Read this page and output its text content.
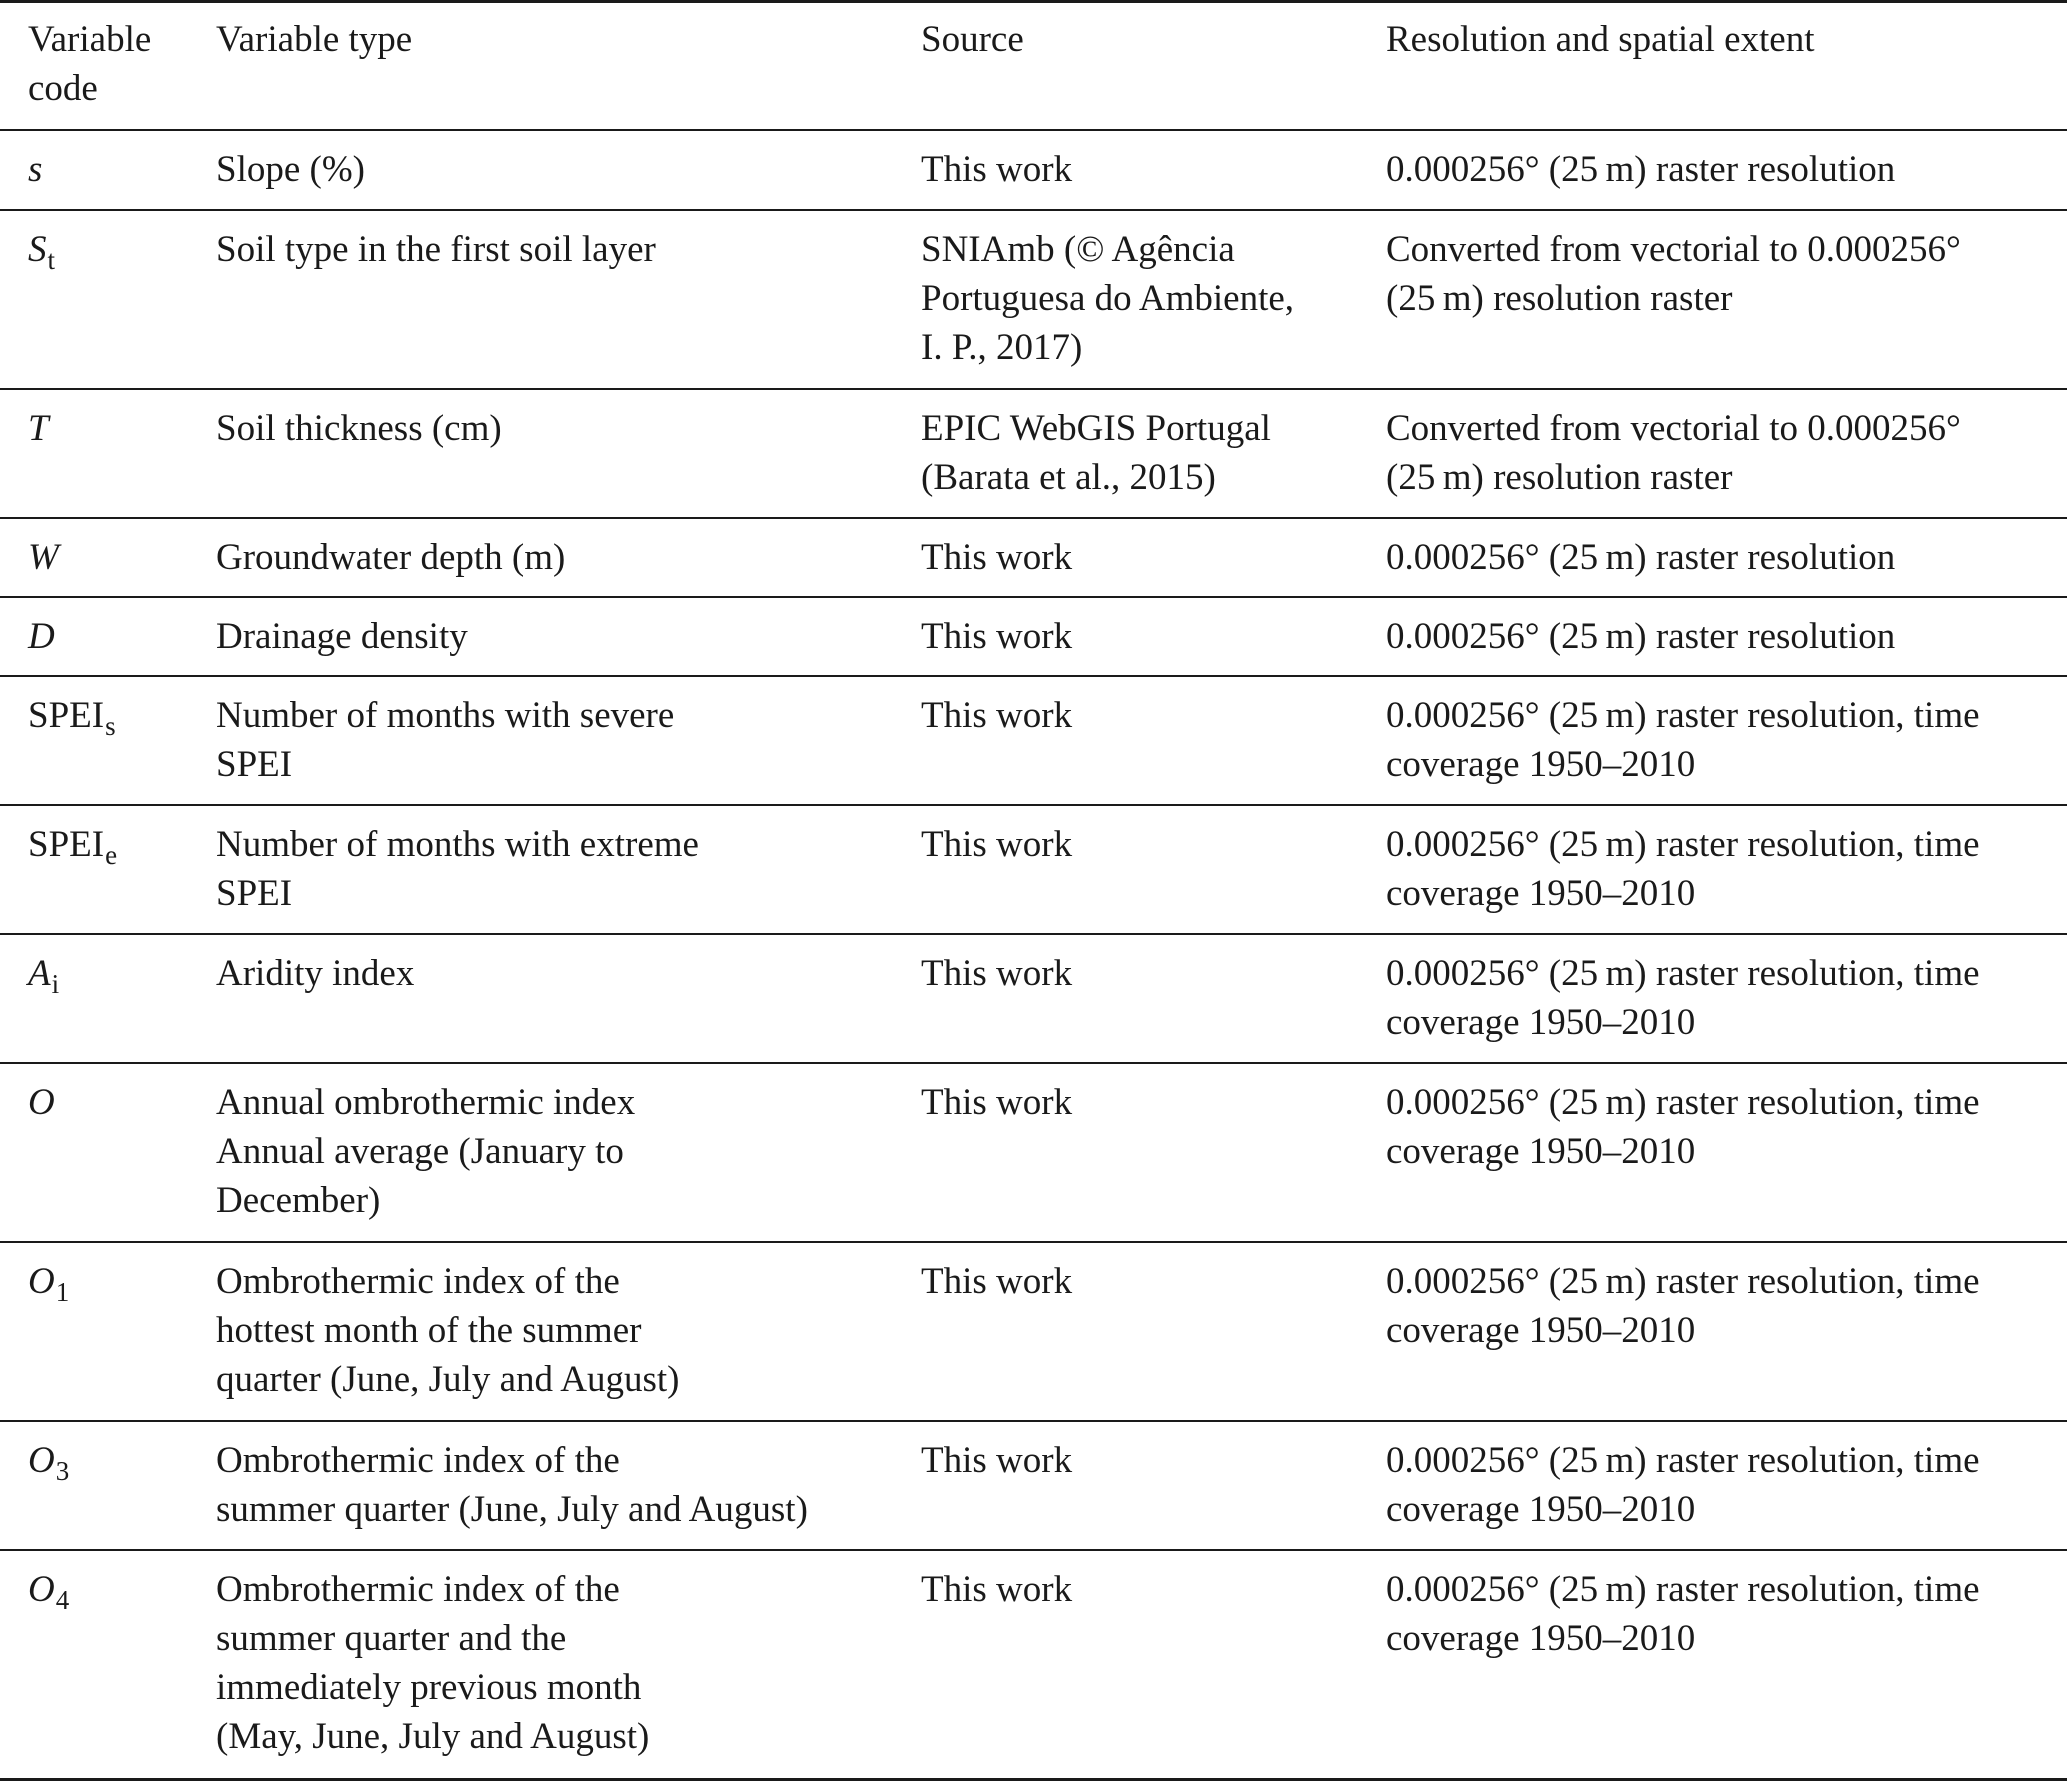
Variable
code	Variable type	Source	Resolution and spatial extent

s	Slope (%)	This work	0.000256° (25 m) raster resolution

$S_t$	Soil type in the first soil layer	SNIAmb (© Agência
Portuguesa do Ambiente,
I. P., 2017)	Converted from vectorial to 0.000256°
(25 m) resolution raster

T	Soil thickness (cm)	EPIC WebGIS Portugal
(Barata et al., 2015)	Converted from vectorial to 0.000256°
(25 m) resolution raster

W	Groundwater depth (m)	This work	0.000256° (25 m) raster resolution

D	Drainage density	This work	0.000256° (25 m) raster resolution

$SPEI_s$	Number of months with severe
SPEI	This work	0.000256° (25 m) raster resolution, time
coverage 1950–2010

$SPEI_e$	Number of months with extreme
SPEI	This work	0.000256° (25 m) raster resolution, time
coverage 1950–2010

$A_i$	Aridity index	This work	0.000256° (25 m) raster resolution, time
coverage 1950–2010

O	Annual ombrothermic index
Annual average (January to
December)	This work	0.000256° (25 m) raster resolution, time
coverage 1950–2010

$O_1$	Ombrothermic index of the
hottest month of the summer
quarter (June, July and August)	This work	0.000256° (25 m) raster resolution, time
coverage 1950–2010

$O_3$	Ombrothermic index of the
summer quarter (June, July and August)	This work	0.000256° (25 m) raster resolution, time
coverage 1950–2010

$O_4$	Ombrothermic index of the
summer quarter and the
immediately previous month
(May, June, July and August)	This work	0.000256° (25 m) raster resolution, time
coverage 1950–2010
